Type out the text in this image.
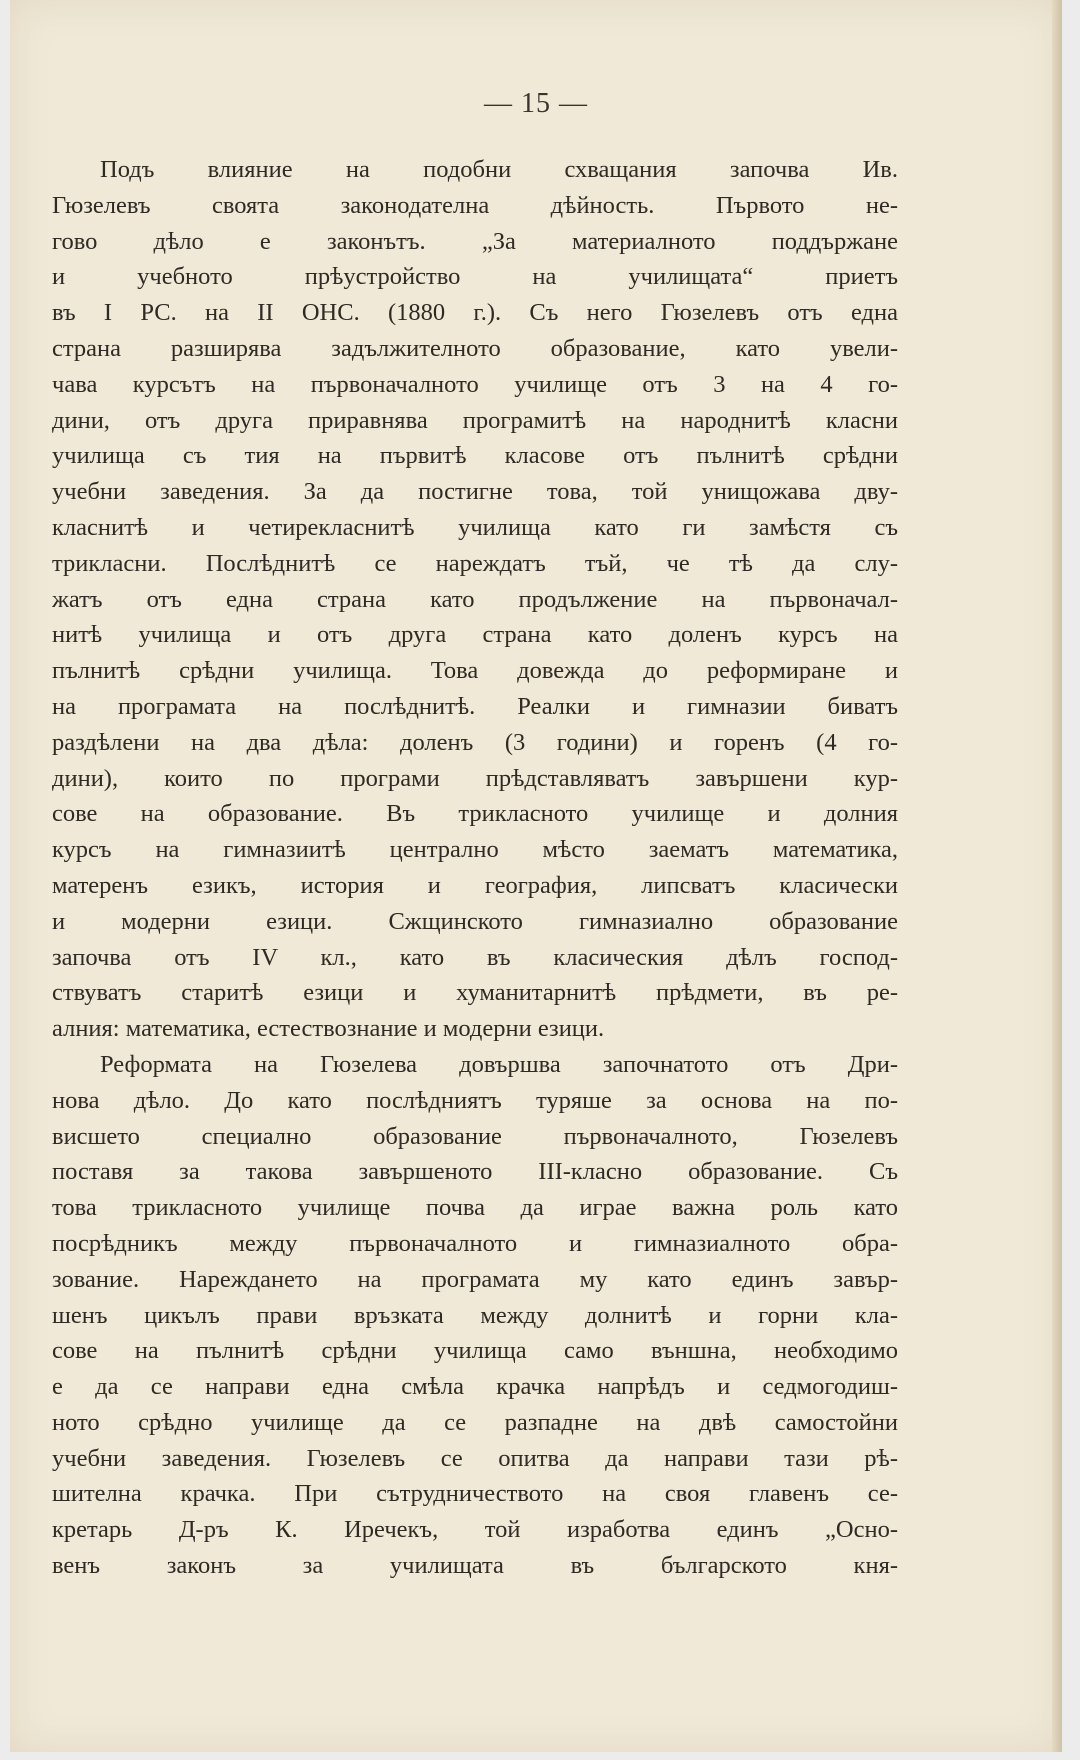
— 15 —
Подъ влияние на подобни схващания започва Ив.
Гюзелевъ своята законодателна дѣйность. Първото не-
гово дѣло е законътъ. „За материалното поддържане
и учебното прѣустройство на училищата“ приетъ
въ I РС. на II ОНС. (1880 г.). Съ него Гюзелевъ отъ една
страна разширява задължителното образование, като увели-
чава курсътъ на първоначалното училище отъ 3 на 4 го-
дини, отъ друга приравнява програмитѣ на народнитѣ класни
училища съ тия на първитѣ класове отъ пълнитѣ срѣдни
учебни заведения. За да постигне това, той унищожава дву-
класнитѣ и четирекласнитѣ училища като ги замѣстя съ
трикласни. Послѣднитѣ се нареждатъ тъй, че тѣ да слу-
жатъ отъ една страна като продължение на първоначал-
нитѣ училища и отъ друга страна като доленъ курсъ на
пълнитѣ срѣдни училища. Това довежда до реформиране и
на програмата на послѣднитѣ. Реалки и гимназии биватъ
раздѣлени на два дѣла: доленъ (3 години) и горенъ (4 го-
дини), които по програми прѣдставляватъ завършени кур-
сове на образование. Въ трикласното училище и долния
курсъ на гимназиитѣ централно мѣсто заематъ математика,
матеренъ езикъ, история и география, липсватъ класически
и модерни езици. Сжщинското гимназиално образование
започва отъ IV кл., като въ класическия дѣлъ господ-
ствуватъ старитѣ езици и хуманитарнитѣ прѣдмети, въ ре-
алния: математика, естествознание и модерни езици.
Реформата на Гюзелева довършва започнатото отъ Дри-
нова дѣло. До като послѣдниятъ туряше за основа на по-
висшето специално образование първоначалното, Гюзелевъ
поставя за такова завършеното III-класно образование. Съ
това трикласното училище почва да играе важна роль като
посрѣдникъ между първоначалното и гимназиалното обра-
зование. Нареждането на програмата му като единъ завър-
шенъ цикълъ прави връзката между долнитѣ и горни кла-
сове на пълнитѣ срѣдни училища само външна, необходимо
е да се направи една смѣла крачка напрѣдъ и седмогодиш-
ното срѣдно училище да се разпадне на двѣ самостойни
учебни заведения. Гюзелевъ се опитва да направи тази рѣ-
шителна крачка. При сътрудничеството на своя главенъ се-
кретарь Д-ръ К. Иречекъ, той изработва единъ „Осно-
венъ законъ за училищата въ българското кня-
